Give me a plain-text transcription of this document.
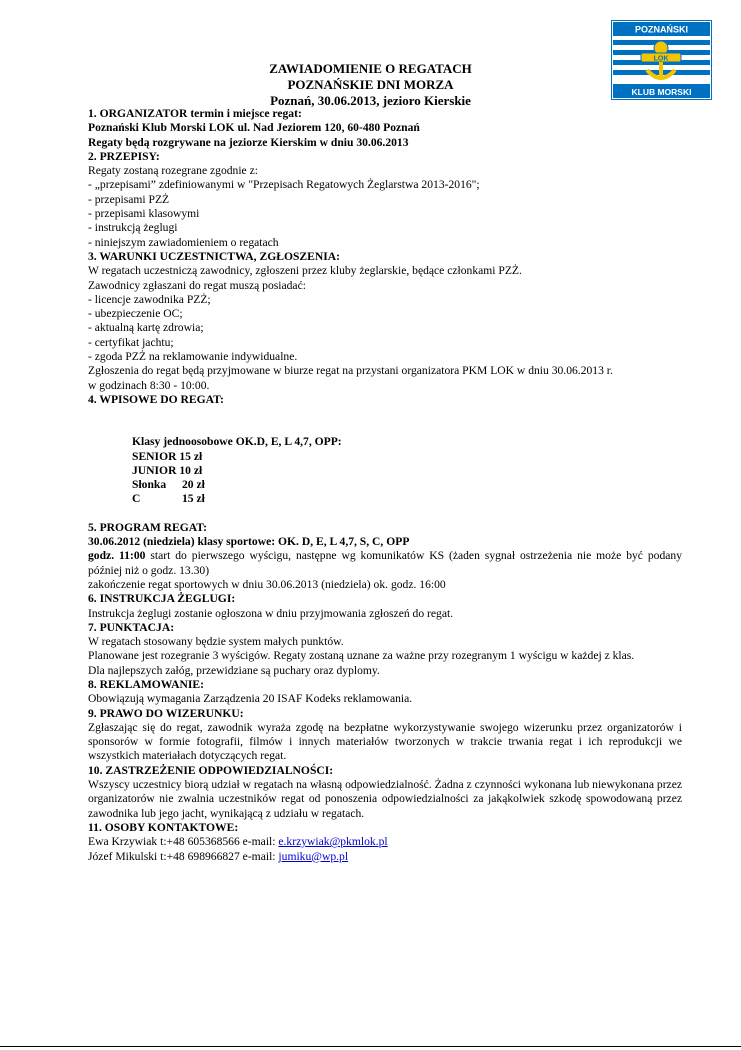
POZNAŃSKI
LOK
KLUB MORSKI
ZAWIADOMIENIE O REGATACH
POZNAŃSKIE DNI MORZA
Poznań, 30.06.2013, jezioro Kierskie
1. ORGANIZATOR termin i miejsce regat:
Poznański Klub Morski LOK ul. Nad Jeziorem 120, 60-480 Poznań
Regaty będą rozgrywane na jeziorze Kierskim w dniu 30.06.2013
2. PRZEPISY:
Regaty zostaną rozegrane zgodnie z:
- „przepisami” zdefiniowanymi w "Przepisach Regatowych Żeglarstwa 2013-2016";
- przepisami PZŻ
- przepisami klasowymi
- instrukcją żeglugi
- niniejszym zawiadomieniem o regatach
3. WARUNKI UCZESTNICTWA, ZGŁOSZENIA:
W regatach uczestniczą zawodnicy, zgłoszeni przez kluby żeglarskie, będące członkami PZŻ.
Zawodnicy zgłaszani do regat muszą posiadać:
- licencje zawodnika PZŻ;
- ubezpieczenie OC;
- aktualną kartę zdrowia;
- certyfikat jachtu;
- zgoda PZŻ na reklamowanie indywidualne.
Zgłoszenia do regat będą przyjmowane w biurze regat na przystani organizatora PKM LOK w dniu 30.06.2013 r.
w godzinach 8:30 - 10:00.
4. WPISOWE DO REGAT:
Klasy jednoosobowe OK.D, E, L 4,7, OPP:
SENIOR 15 zł
JUNIOR 10 zł
Słonka	20 zł
C	15 zł
5. PROGRAM REGAT:
30.06.2012 (niedziela) klasy sportowe: OK. D, E, L 4,7, S, C, OPP
godz. 11:00 start do pierwszego wyścigu, następne wg komunikatów KS (żaden sygnał ostrzeżenia nie może być podany później niż o godz. 13.30)
zakończenie regat sportowych w dniu 30.06.2013 (niedziela) ok. godz. 16:00
6. INSTRUKCJA ŻEGLUGI:
Instrukcja żeglugi zostanie ogłoszona w dniu przyjmowania zgłoszeń do regat.
7. PUNKTACJA:
W regatach stosowany będzie system małych punktów.
Planowane jest rozegranie 3 wyścigów. Regaty zostaną uznane za ważne przy rozegranym 1 wyścigu w każdej z klas.
Dla najlepszych załóg, przewidziane są puchary oraz dyplomy.
8. REKLAMOWANIE:
Obowiązują wymagania Zarządzenia 20 ISAF Kodeks reklamowania.
9. PRAWO DO WIZERUNKU:
Zgłaszając się do regat, zawodnik wyraża zgodę na bezpłatne wykorzystywanie swojego wizerunku przez organizatorów i sponsorów w formie fotografii, filmów i innych materiałów tworzonych w trakcie trwania regat i ich reprodukcji we wszystkich materiałach dotyczących regat.
10. ZASTRZEŻENIE ODPOWIEDZIALNOŚCI:
Wszyscy uczestnicy biorą udział w regatach na własną odpowiedzialność. Żadna z czynności wykonana lub niewykonana przez organizatorów nie zwalnia uczestników regat od ponoszenia odpowiedzialności za jakąkolwiek szkodę spowodowaną przez zawodnika lub jego jacht, wynikającą z udziału w regatach.
11. OSOBY KONTAKTOWE:
Ewa Krzywiak t:+48 605368566 e-mail: e.krzywiak@pkmlok.pl
Józef Mikulski t:+48 698966827 e-mail: jumiku@wp.pl
